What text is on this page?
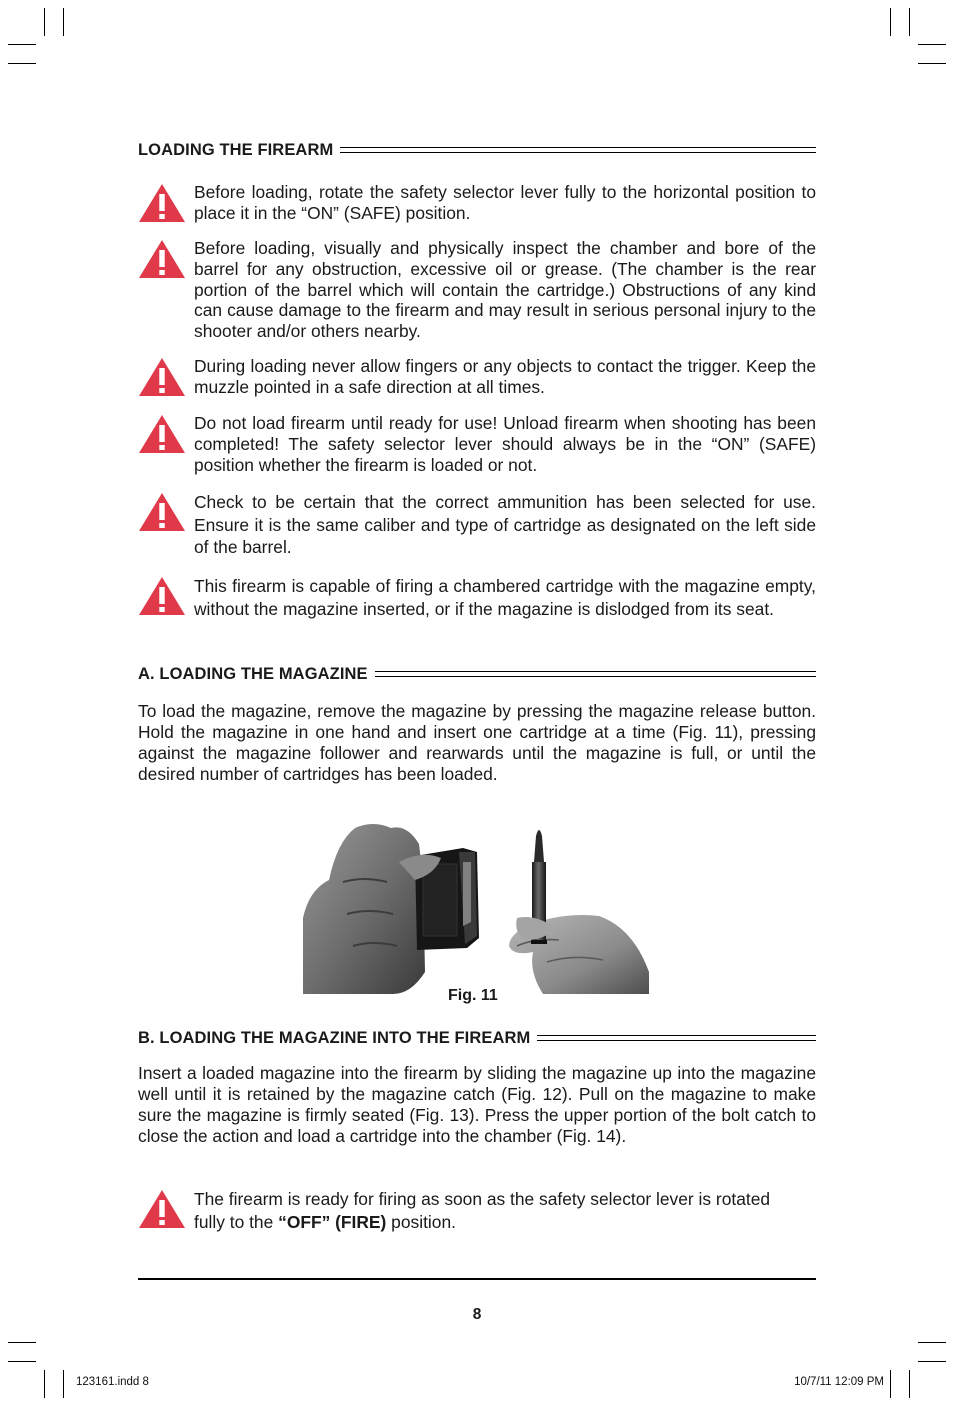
LOADING THE FIREARM
Before loading, rotate the safety selector lever fully to the horizontal position to place it in the “ON” (SAFE) position.
Before loading, visually and physically inspect the chamber and bore of the barrel for any obstruction, excessive oil or grease. (The chamber is the rear portion of the barrel which will contain the cartridge.) Obstructions of any kind can cause damage to the firearm and may result in serious personal injury to the shooter and/or others nearby.
During loading never allow fingers or any objects to contact the trigger. Keep the muzzle pointed in a safe direction at all times.
Do not load firearm until ready for use! Unload firearm when shooting has been completed! The safety selector lever should always be in the “ON” (SAFE) position whether the firearm is loaded or not.
Check to be certain that the correct ammunition has been selected for use. Ensure it is the same caliber and type of cartridge as designated on the left side of the barrel.
This firearm is capable of firing a chambered cartridge with the magazine empty, without the magazine inserted, or if the magazine is dislodged from its seat.
A. LOADING THE MAGAZINE
To load the magazine, remove the magazine by pressing the magazine release button. Hold the magazine in one hand and insert one cartridge at a time (Fig. 11), pressing against the magazine follower and rearwards until the magazine is full, or until the desired number of cartridges has been loaded.
Fig. 11
B. LOADING THE MAGAZINE INTO THE FIREARM
Insert a loaded magazine into the firearm by sliding the magazine up into the magazine well until it is retained by the magazine catch (Fig. 12). Pull on the magazine to make sure the magazine is firmly seated (Fig. 13). Press the upper portion of the bolt catch to close the action and load a cartridge into the chamber (Fig. 14).
The firearm is ready for firing as soon as the safety selector lever is rotated fully to the “OFF” (FIRE) position.
8
123161.indd 8	10/7/11 12:09 PM
